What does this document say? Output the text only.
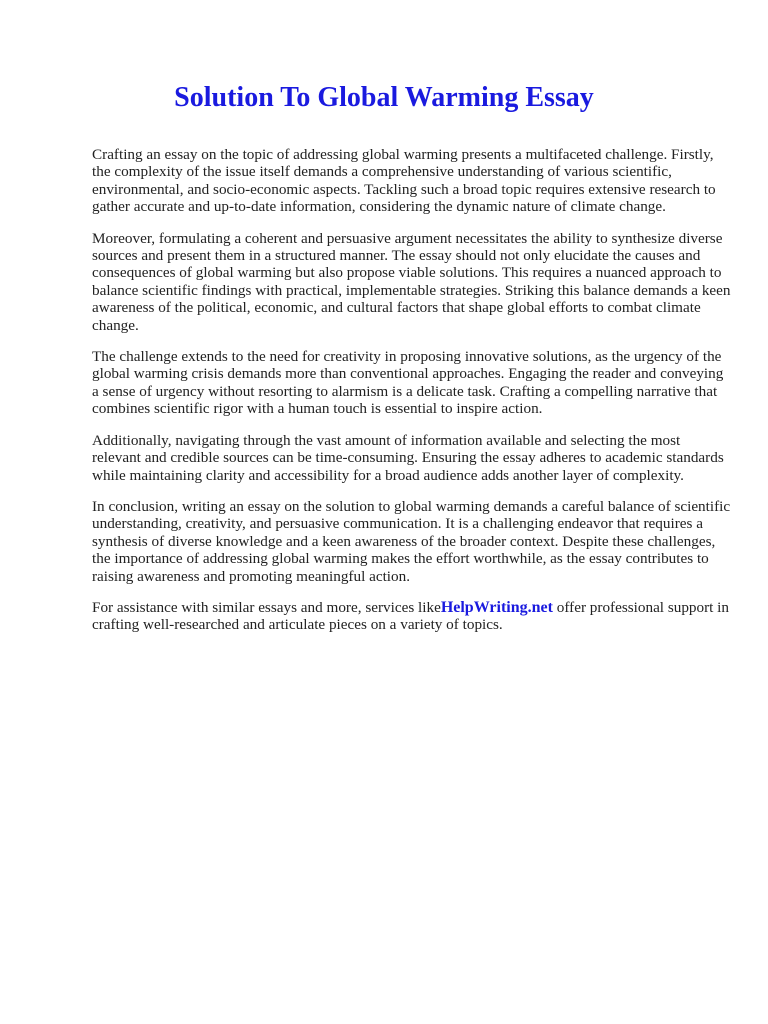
Solution To Global Warming Essay

Crafting an essay on the topic of addressing global warming presents a multifaceted challenge. Firstly, the complexity of the issue itself demands a comprehensive understanding of various scientific, environmental, and socio-economic aspects. Tackling such a broad topic requires extensive research to gather accurate and up-to-date information, considering the dynamic nature of climate change.

Moreover, formulating a coherent and persuasive argument necessitates the ability to synthesize diverse sources and present them in a structured manner. The essay should not only elucidate the causes and consequences of global warming but also propose viable solutions. This requires a nuanced approach to balance scientific findings with practical, implementable strategies. Striking this balance demands a keen awareness of the political, economic, and cultural factors that shape global efforts to combat climate change.

The challenge extends to the need for creativity in proposing innovative solutions, as the urgency of the global warming crisis demands more than conventional approaches. Engaging the reader and conveying a sense of urgency without resorting to alarmism is a delicate task. Crafting a compelling narrative that combines scientific rigor with a human touch is essential to inspire action.

Additionally, navigating through the vast amount of information available and selecting the most relevant and credible sources can be time-consuming. Ensuring the essay adheres to academic standards while maintaining clarity and accessibility for a broad audience adds another layer of complexity.

In conclusion, writing an essay on the solution to global warming demands a careful balance of scientific understanding, creativity, and persuasive communication. It is a challenging endeavor that requires a synthesis of diverse knowledge and a keen awareness of the broader context. Despite these challenges, the importance of addressing global warming makes the effort worthwhile, as the essay contributes to raising awareness and promoting meaningful action.

For assistance with similar essays and more, services likeHelpWriting.net offer professional support in crafting well-researched and articulate pieces on a variety of topics.
